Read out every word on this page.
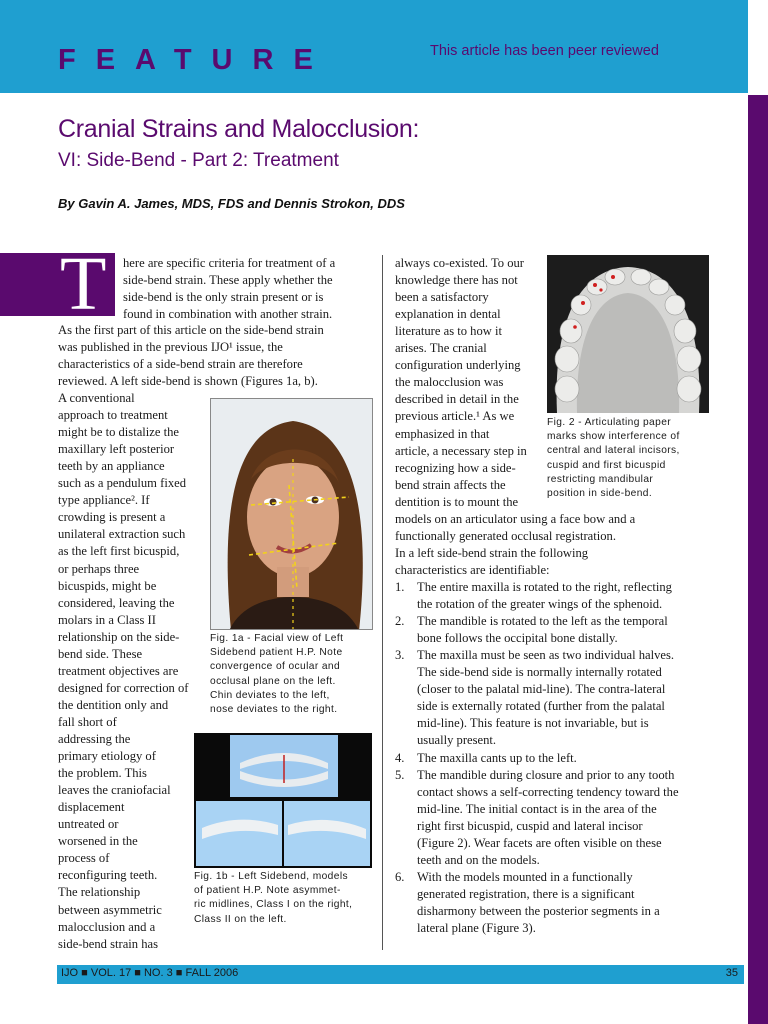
FEATURE	This article has been peer reviewed
Cranial Strains and Malocclusion:
VI: Side-Bend - Part 2: Treatment
By Gavin A. James, MDS, FDS and Dennis Strokon, DDS
T here are specific criteria for treatment of a
side-bend strain. These apply whether the
side-bend is the only strain present or is
found in combination with another strain.
As the first part of this article on the side-bend strain
was published in the previous IJO¹ issue, the
characteristics of a side-bend strain are therefore
reviewed. A left side-bend is shown (Figures 1a, b).
A conventional
approach to treatment
might be to distalize the
maxillary left posterior
teeth by an appliance
such as a pendulum fixed
type appliance². If
crowding is present a
unilateral extraction such
as the left first bicuspid,
or perhaps three
bicuspids, might be
considered, leaving the
molars in a Class II
relationship on the side-
bend side. These
treatment objectives are
designed for correction of
the dentition only and
fall short of
addressing the
primary etiology of
the problem. This
leaves the craniofacial
displacement
untreated or
worsened in the
process of
reconfiguring teeth.
The relationship
between asymmetric
malocclusion and a
side-bend strain has
Fig. 1a - Facial view of Left
Sidebend patient H.P. Note
convergence of ocular and
occlusal plane on the left.
Chin deviates to the left,
nose deviates to the right.
Fig. 1b - Left Sidebend, models
of patient H.P. Note asymmet-
ric midlines, Class I on the right,
Class II on the left.
Fig. 2 - Articulating paper
marks show interference of
central and lateral incisors,
cuspid and first bicuspid
restricting mandibular
position in side-bend.
always co-existed. To our
knowledge there has not
been a satisfactory
explanation in dental
literature as to how it
arises. The cranial
configuration underlying
the malocclusion was
described in detail in the
previous article.¹ As we
emphasized in that
article, a necessary step in
recognizing how a side-
bend strain affects the
dentition is to mount the
models on an articulator using a face bow and a
functionally generated occlusal registration.
In a left side-bend strain the following
characteristics are identifiable:
1. The entire maxilla is rotated to the right, reflecting
the rotation of the greater wings of the sphenoid.
2. The mandible is rotated to the left as the temporal
bone follows the occipital bone distally.
3. The maxilla must be seen as two individual halves.
The side-bend side is normally internally rotated
(closer to the palatal mid-line). The contra-lateral
side is externally rotated (further from the palatal
mid-line). This feature is not invariable, but is
usually present.
4. The maxilla cants up to the left.
5. The mandible during closure and prior to any tooth
contact shows a self-correcting tendency toward the
mid-line. The initial contact is in the area of the
right first bicuspid, cuspid and lateral incisor
(Figure 2). Wear facets are often visible on these
teeth and on the models.
6. With the models mounted in a functionally
generated registration, there is a significant
disharmony between the posterior segments in a
lateral plane (Figure 3).
IJO ■ VOL. 17 ■ NO. 3 ■ FALL 2006	35
